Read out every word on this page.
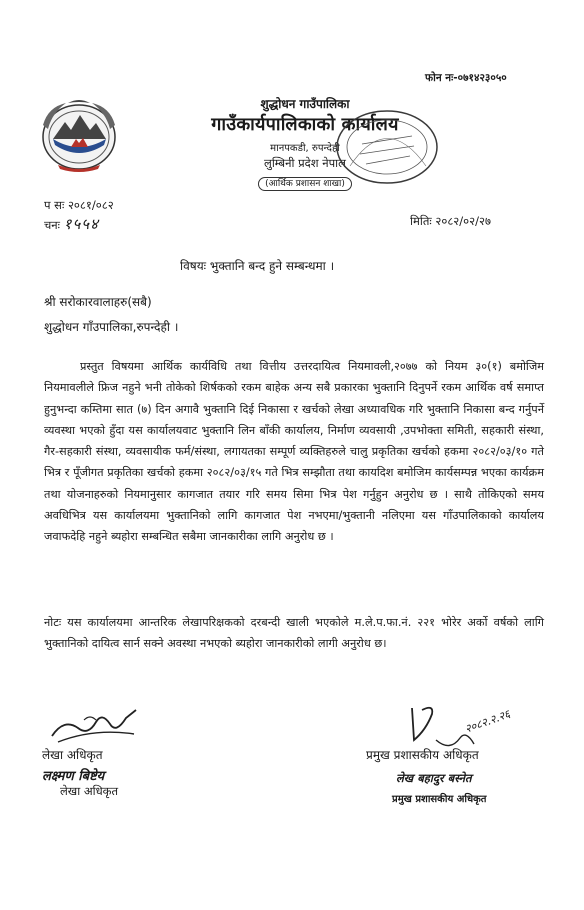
फोन नः-०७१४२३०५०
शुद्धोधन गाउँपालिका
गाउँकार्यपालिकाको कार्यालय
मानपकडी, रुपन्देही
लुम्बिनी प्रदेश नेपाल
(आर्थिक प्रशासन शाखा)
प सः २०८१/०८२
चनः १५५४	मितिः २०८२/०२/२७
विषयः भुक्तानि बन्द हुने सम्बन्धमा ।
श्री सरोकारवालाहरु(सबै)
शुद्धोधन गाँउपालिका,रुपन्देही ।
प्रस्तुत विषयमा आर्थिक कार्यविधि तथा वित्तीय उत्तरदायित्व नियमावली,२०७७ को नियम ३०(१) बमोजिम नियमावलीले फ्रिज नहुने भनी तोकेको शिर्षकको रकम बाहेक अन्य सबै प्रकारका भुक्तानि दिनुपर्ने रकम आर्थिक वर्ष समाप्त हुनुभन्दा कम्तिमा सात (७) दिन अगावै भुक्तानि दिई निकासा र खर्चको लेखा अध्यावधिक गरि भुक्तानि निकासा बन्द गर्नुपर्ने व्यवस्था भएको हुँदा यस कार्यालयवाट भुक्तानि लिन बाँकी कार्यालय, निर्माण व्यवसायी ,उपभोक्ता समिती, सहकारी संस्था, गैर-सहकारी संस्था, व्यवसायीक फर्म/संस्था, लगायतका सम्पूर्ण व्यक्तिहरुले चालु प्रकृतिका खर्चको हकमा २०८२/०३/१० गते भित्र र पूँजीगत प्रकृतिका खर्चको हकमा २०८२/०३/१५ गते भित्र सम्झौता तथा कायदिश बमोजिम कार्यसम्पन्न भएका कार्यक्रम तथा योजनाहरुको नियमानुसार कागजात तयार गरि समय सिमा भित्र पेश गर्नुहुन अनुरोध छ । साथै तोकिएको समय अवधिभित्र यस कार्यालयमा भुक्तानिको लागि कागजात पेश नभएमा/भुक्तानी नलिएमा यस गाँउपालिकाको कार्यालय जवाफदेहि नहुने ब्यहोरा सम्बन्धित सबैमा जानकारीका लागि अनुरोध छ ।
नोटः यस कार्यालयमा आन्तरिक लेखापरिक्षकको दरबन्दी खाली भएकोले म.ले.प.फा.नं. २२१ भोरेर अर्को वर्षको लागि भुक्तानिको दायित्व सार्न सक्ने अवस्था नभएको ब्यहोरा जानकारीको लागी अनुरोध छ।
लेखा अधिकृत
लक्ष्मण बिष्टेय
लेखा अधिकृत
२०८२.२.२६
प्रमुख प्रशासकीय अधिकृत
लेख बहादुर बस्नेत
प्रमुख प्रशासकीय अधिकृत
